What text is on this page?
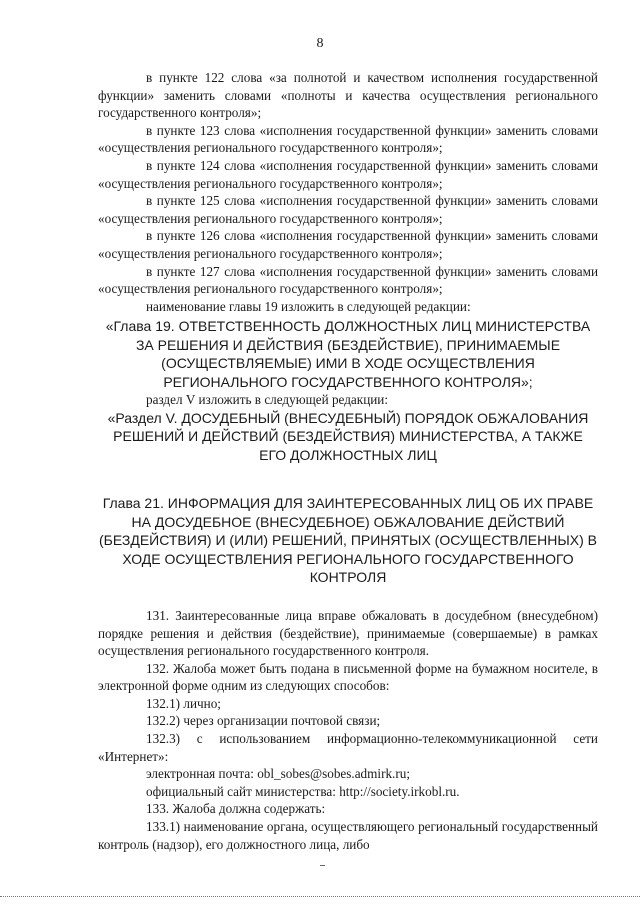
8

в пункте 122 слова «за полнотой и качеством исполнения государственной функции» заменить словами «полноты и качества осуществления регионального государственного контроля»;

в пункте 123 слова «исполнения государственной функции» заменить словами «осуществления регионального государственного контроля»;

в пункте 124 слова «исполнения государственной функции» заменить словами «осуществления регионального государственного контроля»;

в пункте 125 слова «исполнения государственной функции» заменить словами «осуществления регионального государственного контроля»;

в пункте 126 слова «исполнения государственной функции» заменить словами «осуществления регионального государственного контроля»;

в пункте 127 слова «исполнения государственной функции» заменить словами «осуществления регионального государственного контроля»;

наименование главы 19 изложить в следующей редакции:

«Глава 19. ОТВЕТСТВЕННОСТЬ ДОЛЖНОСТНЫХ ЛИЦ МИНИСТЕРСТВА ЗА РЕШЕНИЯ И ДЕЙСТВИЯ (БЕЗДЕЙСТВИЕ), ПРИНИМАЕМЫЕ (ОСУЩЕСТВЛЯЕМЫЕ) ИМИ В ХОДЕ ОСУЩЕСТВЛЕНИЯ РЕГИОНАЛЬНОГО ГОСУДАРСТВЕННОГО КОНТРОЛЯ»;

раздел V изложить в следующей редакции:

«Раздел V. ДОСУДЕБНЫЙ (ВНЕСУДЕБНЫЙ) ПОРЯДОК ОБЖАЛОВАНИЯ РЕШЕНИЙ И ДЕЙСТВИЙ (БЕЗДЕЙСТВИЯ) МИНИСТЕРСТВА, А ТАКЖЕ ЕГО ДОЛЖНОСТНЫХ ЛИЦ

Глава 21. ИНФОРМАЦИЯ ДЛЯ ЗАИНТЕРЕСОВАННЫХ ЛИЦ ОБ ИХ ПРАВЕ НА ДОСУДЕБНОЕ (ВНЕСУДЕБНОЕ) ОБЖАЛОВАНИЕ ДЕЙСТВИЙ (БЕЗДЕЙСТВИЯ) И (ИЛИ) РЕШЕНИЙ, ПРИНЯТЫХ (ОСУЩЕСТВЛЕННЫХ) В ХОДЕ ОСУЩЕСТВЛЕНИЯ РЕГИОНАЛЬНОГО ГОСУДАРСТВЕННОГО КОНТРОЛЯ

131. Заинтересованные лица вправе обжаловать в досудебном (внесудебном) порядке решения и действия (бездействие), принимаемые (совершаемые) в рамках осуществления регионального государственного контроля.

132. Жалоба может быть подана в письменной форме на бумажном носителе, в электронной форме одним из следующих способов:

132.1) лично;

132.2) через организации почтовой связи;

132.3) с использованием информационно-телекоммуникационной сети «Интернет»:

электронная почта: obl_sobes@sobes.admirk.ru;

официальный сайт министерства: http://society.irkobl.ru.

133. Жалоба должна содержать:

133.1) наименование органа, осуществляющего региональный государственный контроль (надзор), его должностного лица, либо
